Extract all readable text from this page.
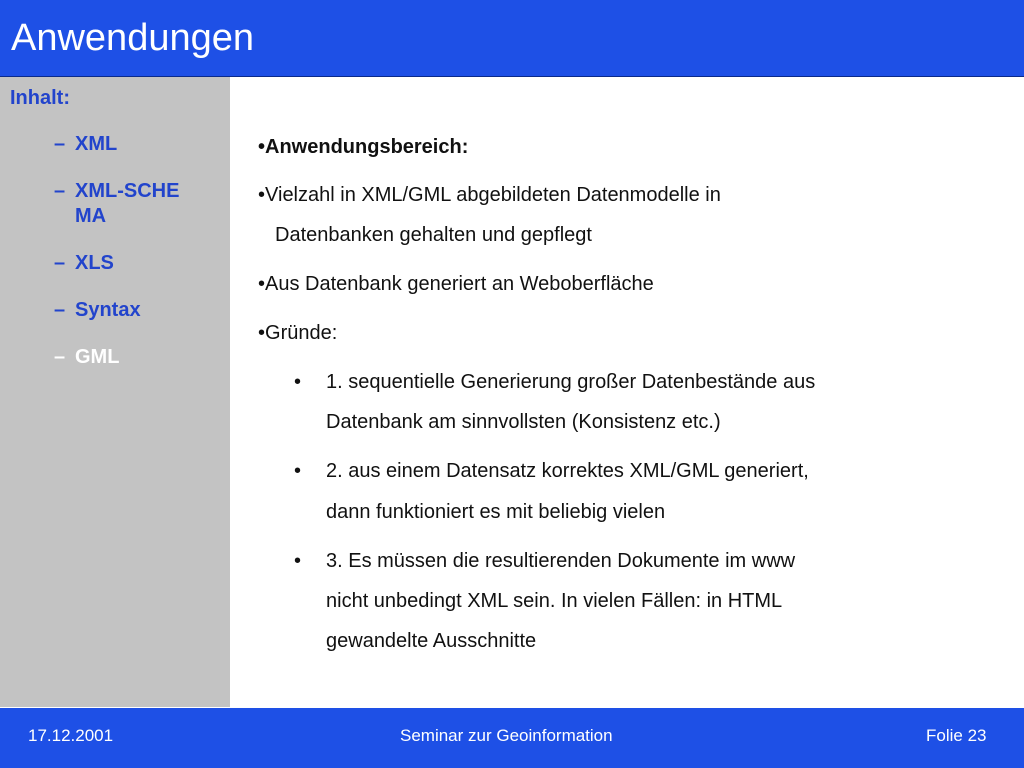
Anwendungen
Inhalt:
– XML
– XML-SCHEMA
– XLS
– Syntax
– GML

•Anwendungsbereich:

•Vielzahl in XML/GML abgebildeten Datenmodelle in

Datenbanken gehalten und gepflegt

•Aus Datenbank generiert an Weboberfläche

•Gründe:

• 1. sequentielle Generierung großer Datenbestände aus

Datenbank am sinnvollsten (Konsistenz etc.)

• 2. aus einem Datensatz korrektes XML/GML generiert,

dann funktioniert es mit beliebig vielen

• 3. Es müssen die resultierenden Dokumente im www

nicht unbedingt XML sein. In vielen Fällen: in HTML

gewandelte Ausschnitte

17.12.2001	Seminar zur Geoinformation	Folie 23
